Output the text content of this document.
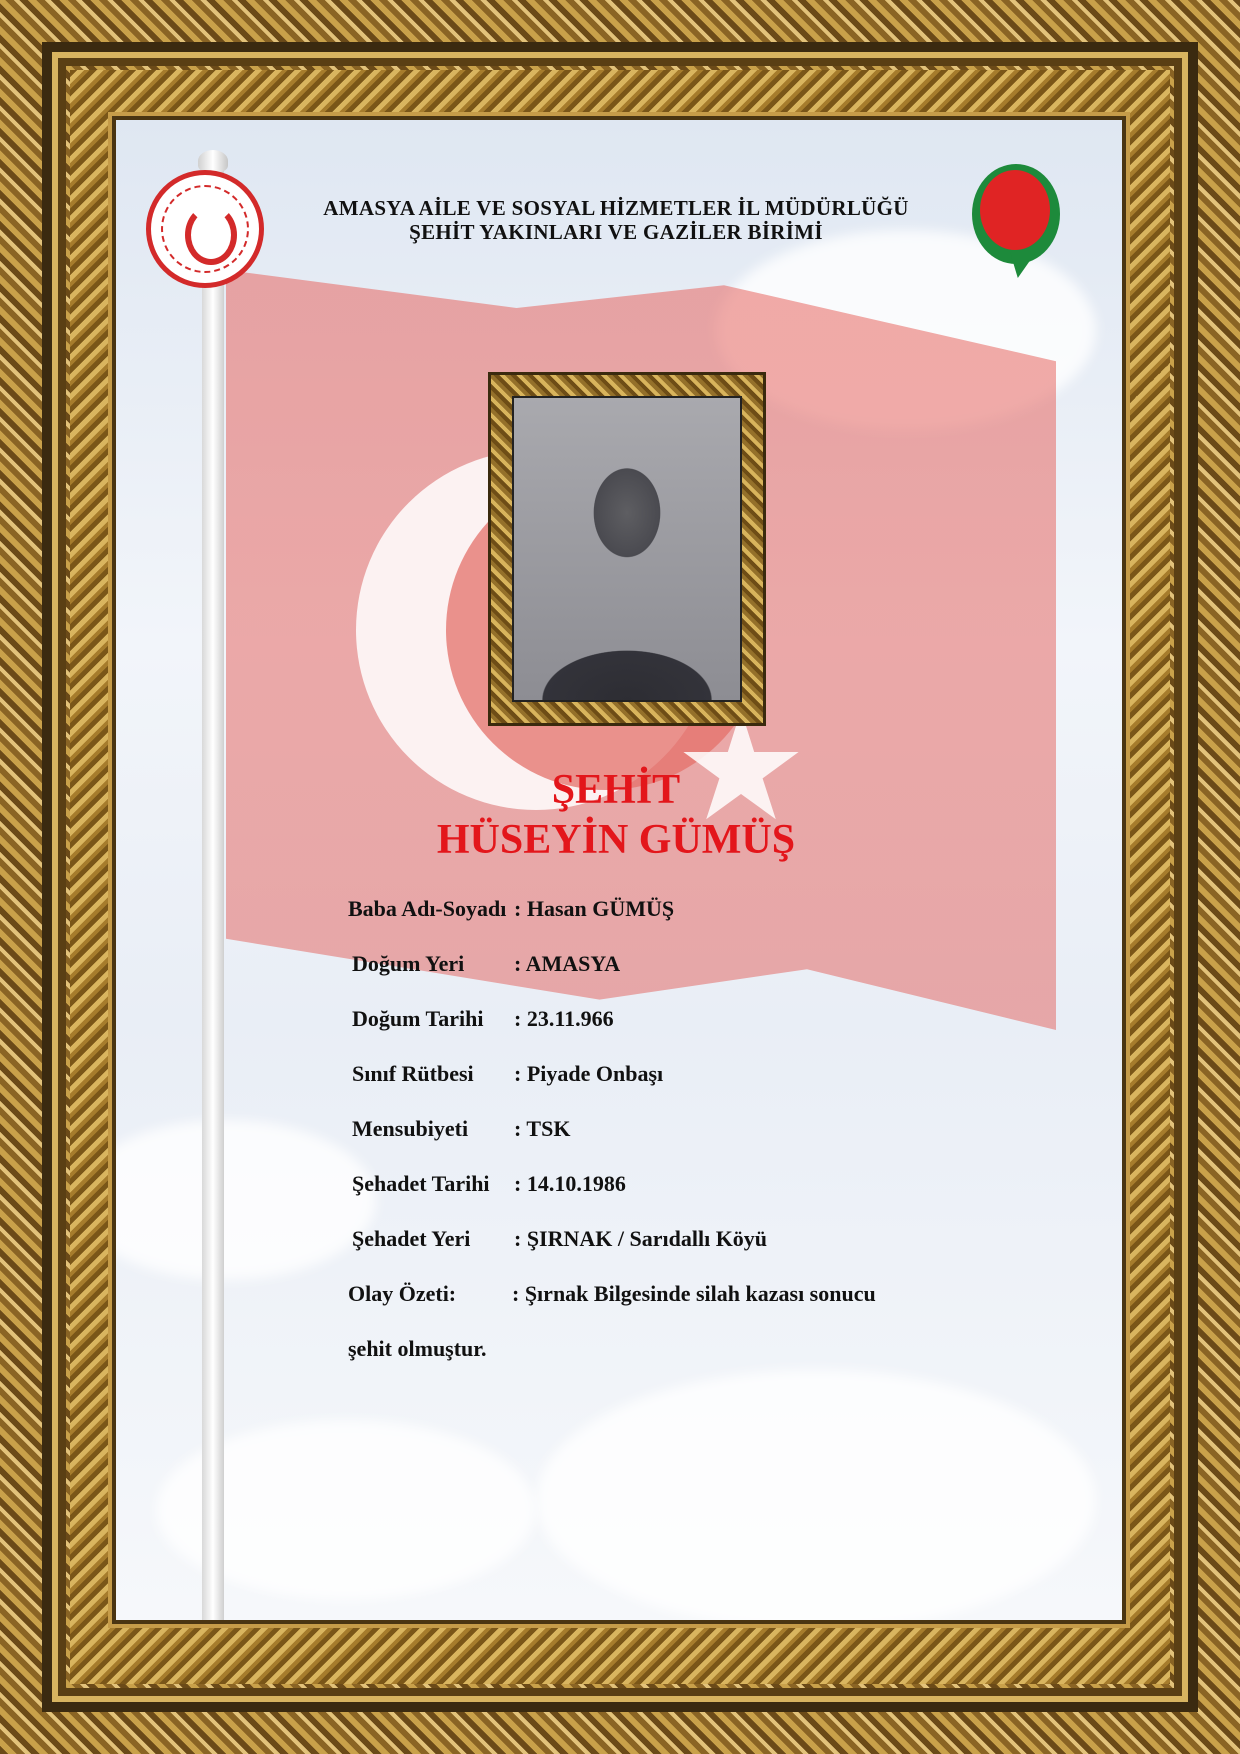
AMASYA AİLE VE SOSYAL HİZMETLER İL MÜDÜRLÜĞÜ
ŞEHİT YAKINLARI VE GAZİLER BİRİMİ
ŞEHİT
HÜSEYİN GÜMÜŞ
Baba Adı-Soyadı : Hasan GÜMÜŞ
Doğum Yeri : AMASYA
Doğum Tarihi : 23.11.966
Sınıf Rütbesi : Piyade Onbaşı
Mensubiyeti : TSK
Şehadet Tarihi : 14.10.1986
Şehadet Yeri : ŞIRNAK / Sarıdallı Köyü
Olay Özeti:	: Şırnak Bilgesinde silah kazası sonucu
şehit olmuştur.
